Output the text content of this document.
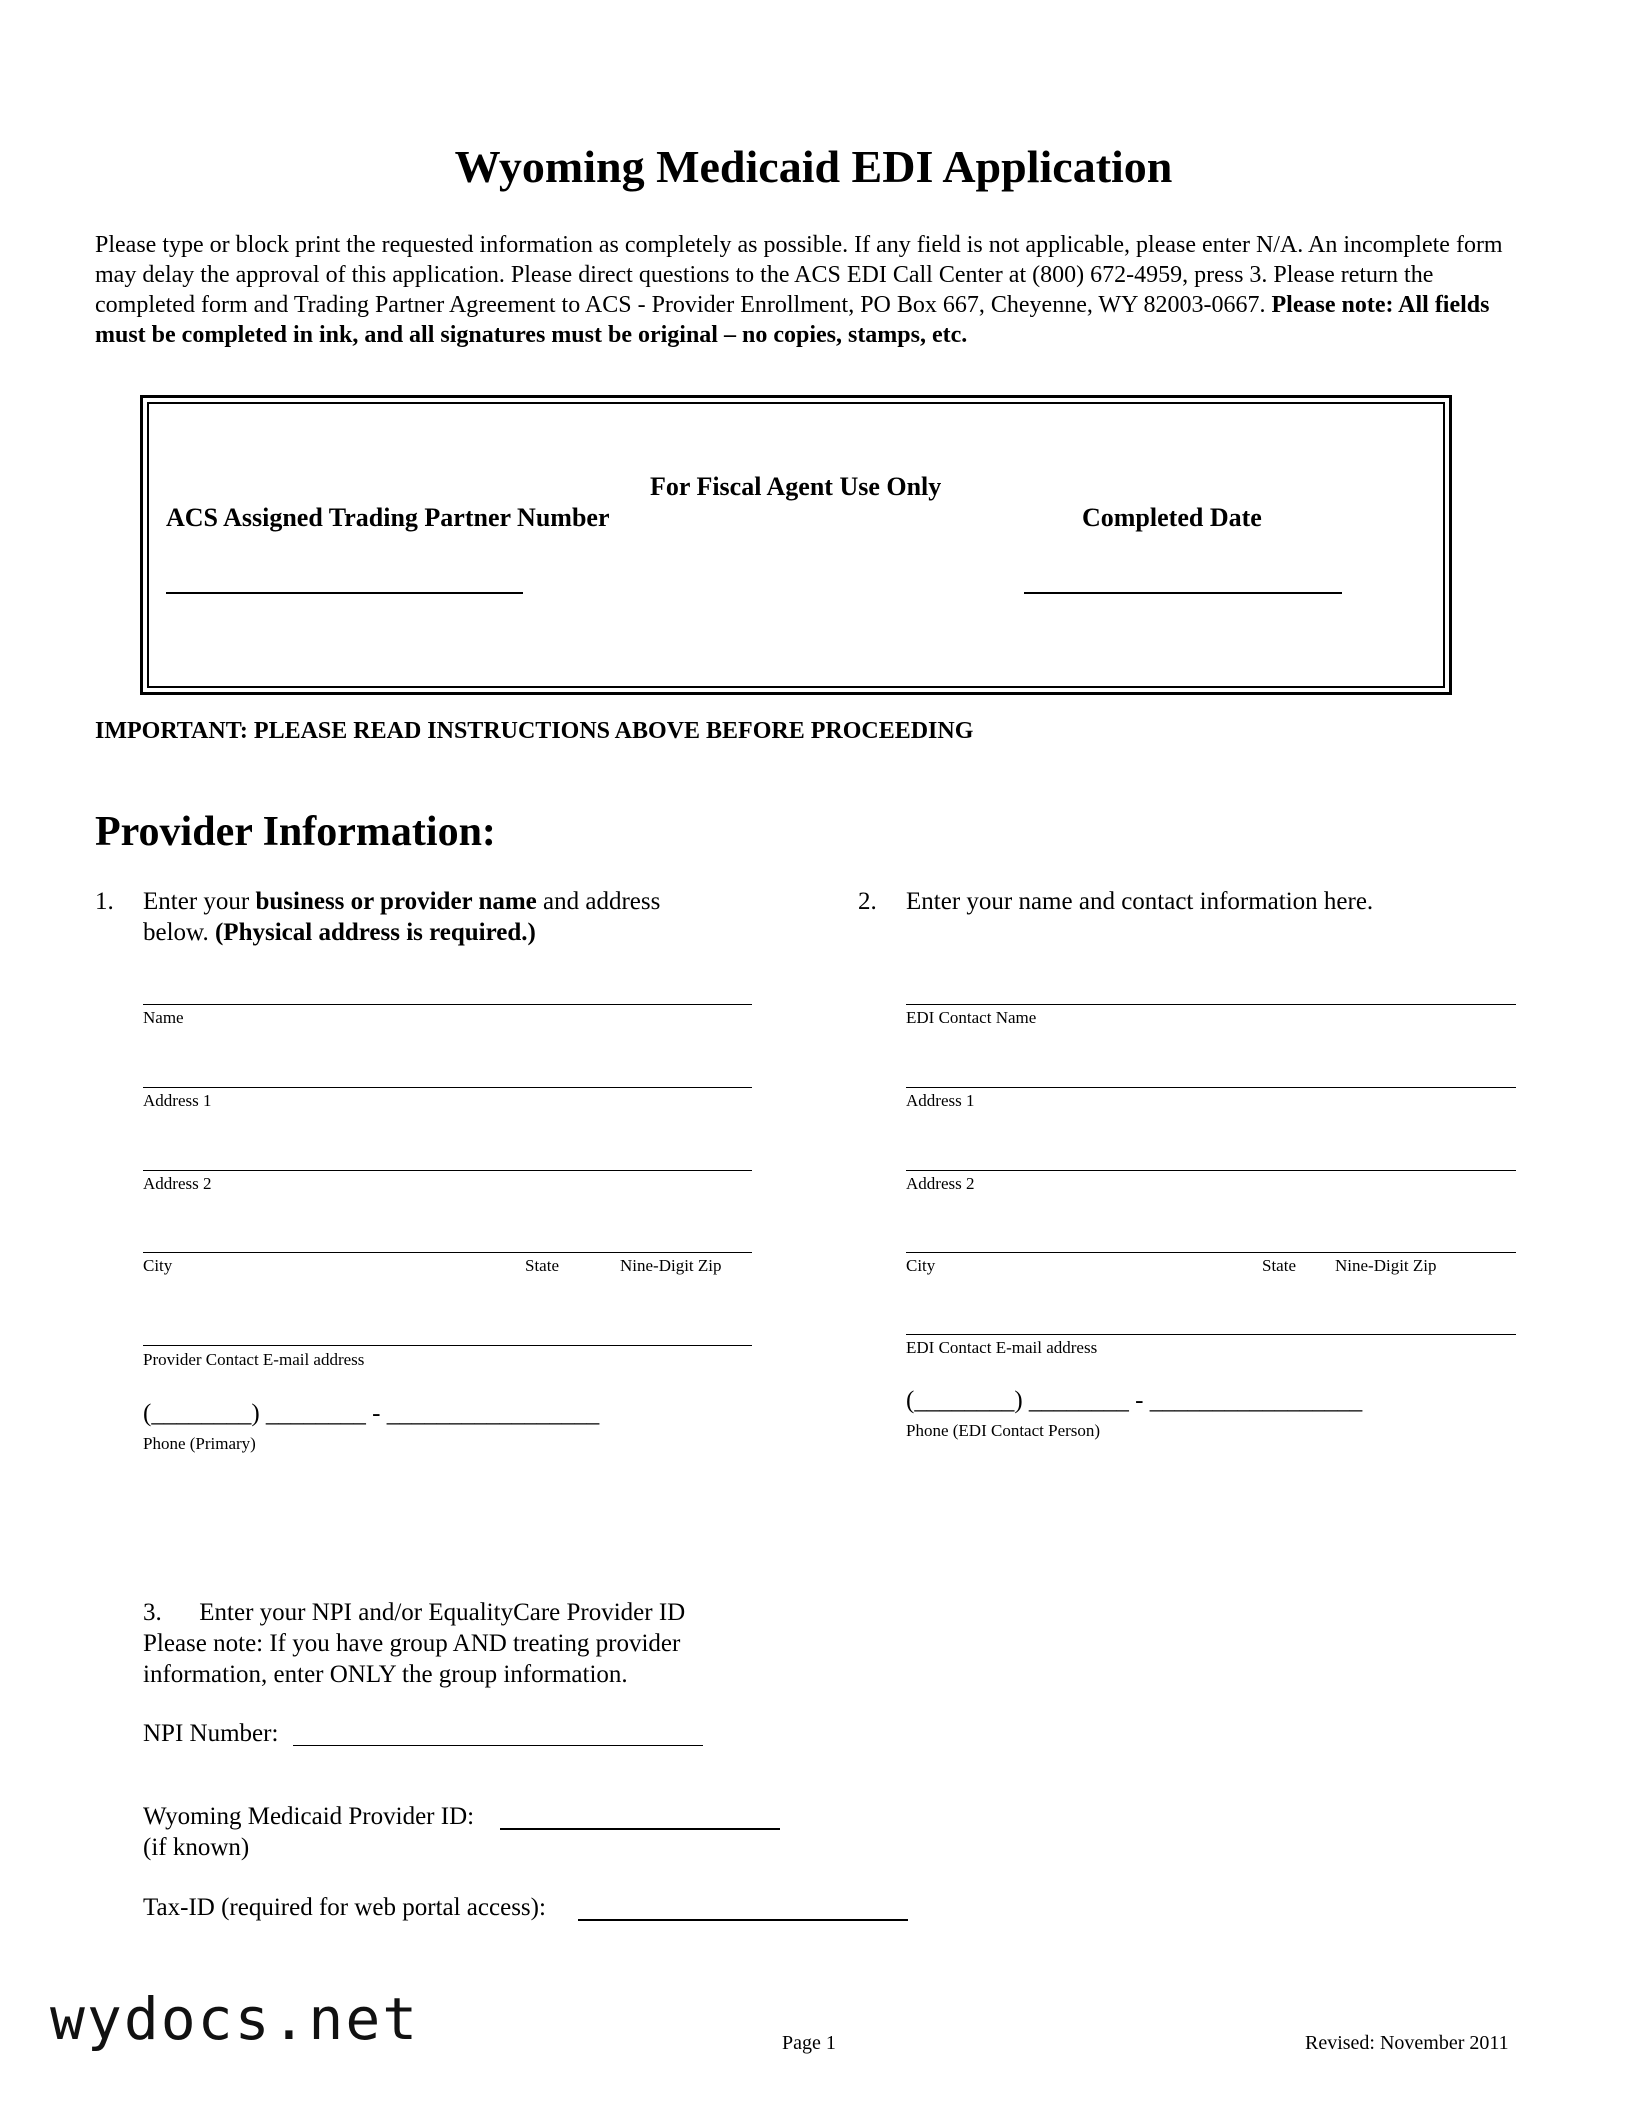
Wyoming Medicaid EDI Application
Please type or block print the requested information as completely as possible. If any field is not applicable, please enter N/A. An incomplete form may delay the approval of this application. Please direct questions to the ACS EDI Call Center at (800) 672-4959, press 3. Please return the completed form and Trading Partner Agreement to ACS - Provider Enrollment, PO Box 667, Cheyenne, WY 82003-0667. Please note: All fields must be completed in ink, and all signatures must be original – no copies, stamps, etc.
For Fiscal Agent Use Only
ACS Assigned Trading Partner Number	Completed Date
IMPORTANT: PLEASE READ INSTRUCTIONS ABOVE BEFORE PROCEEDING
Provider Information:
1. Enter your business or provider name and address
below. (Physical address is required.)
Name
Address 1
Address 2
City	State	Nine-Digit Zip
Provider Contact E-mail address
(________) ________ - _________________
Phone (Primary)
2. Enter your name and contact information here.
EDI Contact Name
Address 1
Address 2
City	State Nine-Digit Zip
EDI Contact E-mail address
(________) ________ - _________________
Phone (EDI Contact Person)
3.      Enter your NPI and/or EqualityCare Provider ID
Please note: If you have group AND treating provider
information, enter ONLY the group information.
NPI Number:
Wyoming Medicaid Provider ID:
(if known)
Tax-ID (required for web portal access):
wydocs.net	Page 1	Revised: November 2011
